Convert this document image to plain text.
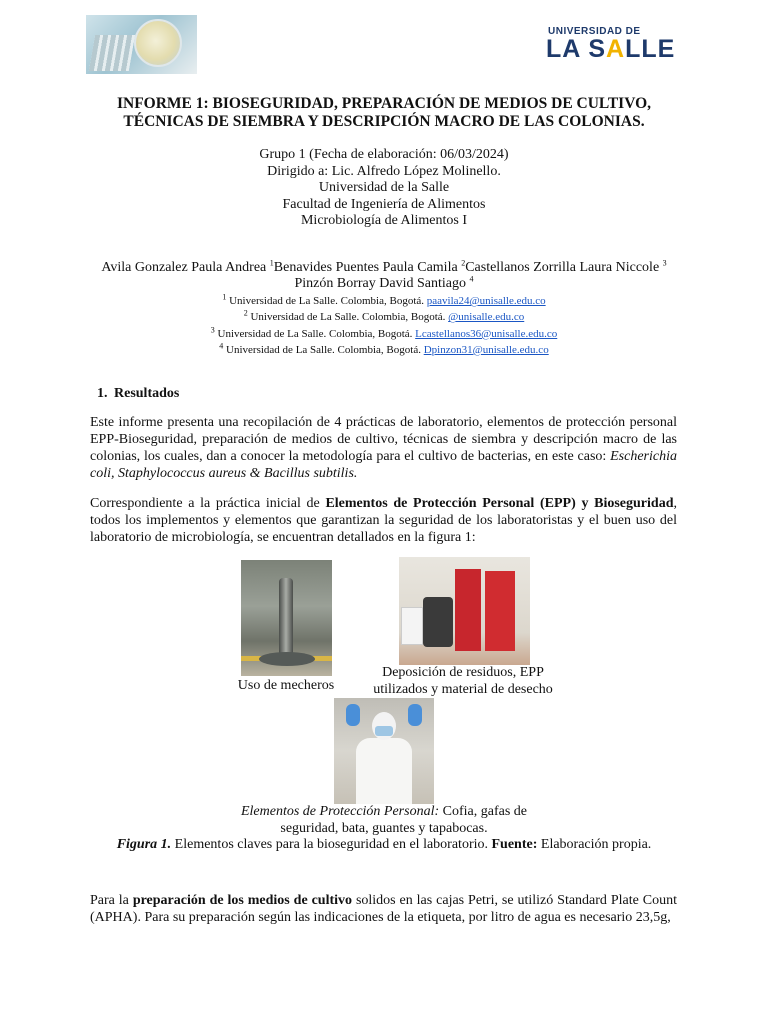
UNIVERSIDAD DE
LA SALLE
INFORME 1: BIOSEGURIDAD, PREPARACIÓN DE MEDIOS DE CULTIVO,
TÉCNICAS DE SIEMBRA Y DESCRIPCIÓN MACRO DE LAS COLONIAS.
Grupo 1 (Fecha de elaboración: 06/03/2024)
Dirigido a: Lic. Alfredo López Molinello.
Universidad de la Salle
Facultad de Ingeniería de Alimentos
Microbiología de Alimentos I
Avila Gonzalez Paula Andrea $^1$Benavides Puentes Paula Camila $^2$Castellanos Zorrilla Laura Niccole $^3$
Pinzón Borray David Santiago $^4$
$^1$ Universidad de La Salle. Colombia, Bogotá. paavila24@unisalle.edu.co
$^2$ Universidad de La Salle. Colombia, Bogotá. @unisalle.edu.co
$^3$ Universidad de La Salle. Colombia, Bogotá. Lcastellanos36@unisalle.edu.co
$^4$ Universidad de La Salle. Colombia, Bogotá. Dpinzon31@unisalle.edu.co
1. Resultados
Este informe presenta una recopilación de 4 prácticas de laboratorio, elementos de protección personal EPP-Bioseguridad, preparación de medios de cultivo, técnicas de siembra y descripción macro de las colonias, los cuales, dan a conocer la metodología para el cultivo de bacterias, en este caso: Escherichia coli, Staphylococcus aureus & Bacillus subtilis.
Correspondiente a la práctica inicial de Elementos de Protección Personal (EPP) y Bioseguridad, todos los implementos y elementos que garantizan la seguridad de los laboratoristas y el buen uso del laboratorio de microbiología, se encuentran detallados en la figura 1:
Uso de mecheros
Deposición de residuos, EPP
utilizados y material de desecho
Elementos de Protección Personal: Cofia, gafas de
seguridad, bata, guantes y tapabocas.
Figura 1. Elementos claves para la bioseguridad en el laboratorio. Fuente: Elaboración propia.
Para la preparación de los medios de cultivo solidos en las cajas Petri, se utilizó Standard Plate Count (APHA). Para su preparación según las indicaciones de la etiqueta, por litro de agua es necesario 23,5g,
